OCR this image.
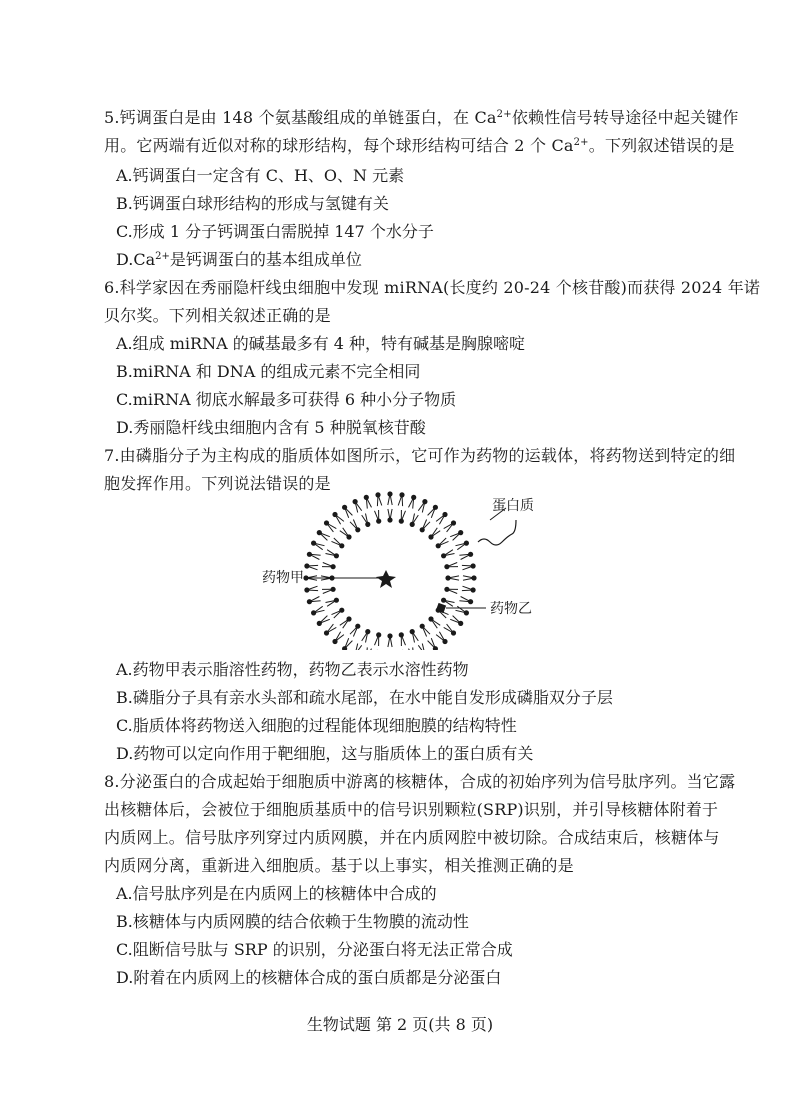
5.钙调蛋白是由 148 个氨基酸组成的单链蛋白，在 $Ca^{2+}$依赖性信号转导途径中起关键作
用。它两端有近似对称的球形结构，每个球形结构可结合 2 个 $Ca^{2+}$。下列叙述错误的是
A.钙调蛋白一定含有 C、H、O、N 元素
B.钙调蛋白球形结构的形成与氢键有关
C.形成 1 分子钙调蛋白需脱掉 147 个水分子
$D.Ca^{2+}$是钙调蛋白的基本组成单位
6.科学家因在秀丽隐杆线虫细胞中发现 miRNA(长度约 20-24 个核苷酸)而获得 2024 年诺
贝尔奖。下列相关叙述正确的是
A.组成 miRNA 的碱基最多有 4 种，特有碱基是胸腺嘧啶
B.miRNA 和 DNA 的组成元素不完全相同
C.miRNA 彻底水解最多可获得 6 种小分子物质
D.秀丽隐杆线虫细胞内含有 5 种脱氧核苷酸
7.由磷脂分子为主构成的脂质体如图所示，它可作为药物的运载体，将药物送到特定的细
胞发挥作用。下列说法错误的是
蛋白质
药物甲
药物乙
A.药物甲表示脂溶性药物，药物乙表示水溶性药物
B.磷脂分子具有亲水头部和疏水尾部，在水中能自发形成磷脂双分子层
C.脂质体将药物送入细胞的过程能体现细胞膜的结构特性
D.药物可以定向作用于靶细胞，这与脂质体上的蛋白质有关
8.分泌蛋白的合成起始于细胞质中游离的核糖体，合成的初始序列为信号肽序列。当它露
出核糖体后，会被位于细胞质基质中的信号识别颗粒(SRP)识别，并引导核糖体附着于
内质网上。信号肽序列穿过内质网膜，并在内质网腔中被切除。合成结束后，核糖体与
内质网分离，重新进入细胞质。基于以上事实，相关推测正确的是
A.信号肽序列是在内质网上的核糖体中合成的
B.核糖体与内质网膜的结合依赖于生物膜的流动性
C.阻断信号肽与 SRP 的识别，分泌蛋白将无法正常合成
D.附着在内质网上的核糖体合成的蛋白质都是分泌蛋白
生物试题 第 2 页(共 8 页)
